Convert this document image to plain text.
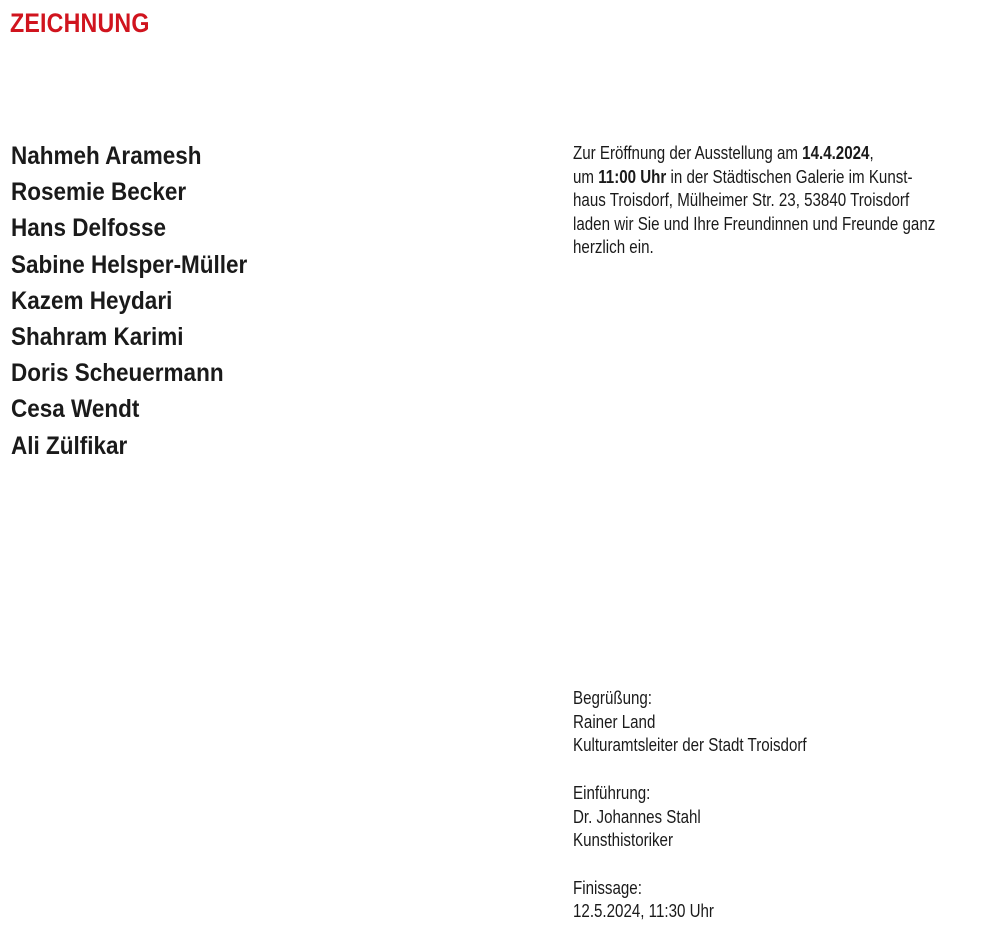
ZEICHNUNG
Nahmeh Aramesh
Rosemie Becker
Hans Delfosse
Sabine Helsper-Müller
Kazem Heydari
Shahram Karimi
Doris Scheuermann
Cesa Wendt
Ali Zülfikar
Zur Eröffnung der Ausstellung am 14.4.2024,
um 11:00 Uhr in der Städtischen Galerie im Kunst-
haus Troisdorf, Mülheimer Str. 23, 53840 Troisdorf
laden wir Sie und Ihre Freundinnen und Freunde ganz
herzlich ein.
Begrüßung:
Rainer Land
Kulturamtsleiter der Stadt Troisdorf
Einführung:
Dr. Johannes Stahl
Kunsthistoriker
Finissage:
12.5.2024, 11:30 Uhr
